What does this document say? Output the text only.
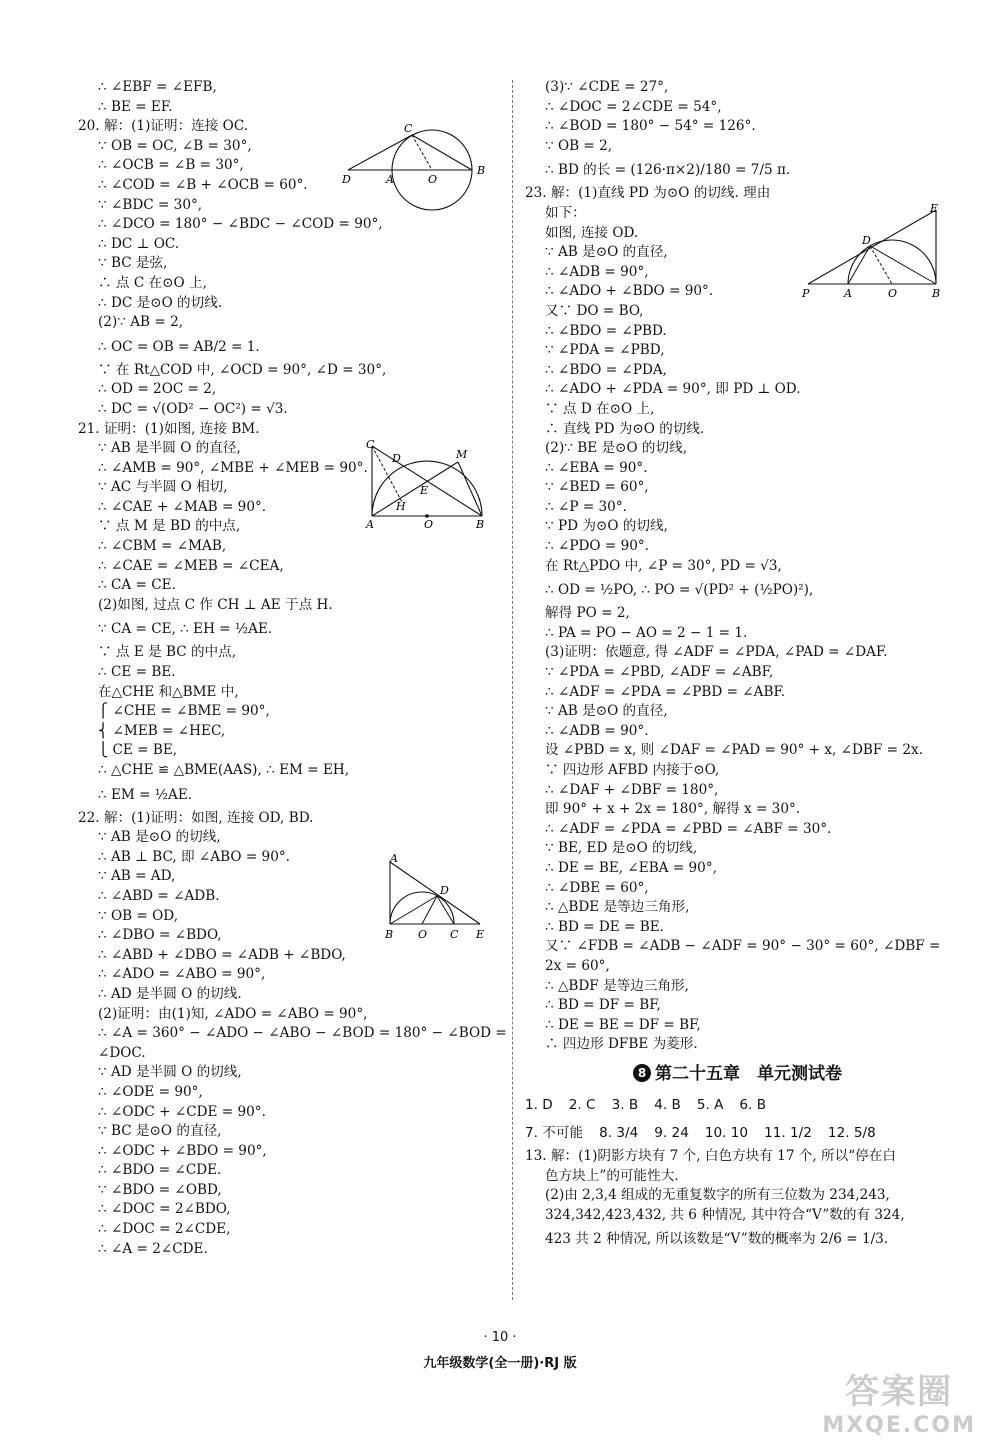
∴ ∠EBF = ∠EFB,
∴ BE = EF.
20. 解：(1)证明：连接 OC.
∵ OB = OC, ∠B = 30°,
∴ ∠OCB = ∠B = 30°,
∴ ∠COD = ∠B + ∠OCB = 60°.
∵ ∠BDC = 30°,
∴ ∠DCO = 180° − ∠BDC − ∠COD = 90°,
∴ DC ⊥ OC.
∵ BC 是弦,
∴ 点 C 在⊙O 上,
∴ DC 是⊙O 的切线.
(2)∵ AB = 2,
∴ OC = OB = AB/2 = 1.
∵ 在 Rt△COD 中, ∠OCD = 90°, ∠D = 30°,
∴ OD = 2OC = 2,
∴ DC = √(OD² − OC²) = √3.
21. 证明：(1)如图, 连接 BM.
∵ AB 是半圆 O 的直径,
∴ ∠AMB = 90°, ∠MBE + ∠MEB = 90°.
∵ AC 与半圆 O 相切,
∴ ∠CAE + ∠MAB = 90°.
∵ 点 M 是 BD 的中点,
∴ ∠CBM = ∠MAB,
∴ ∠CAE = ∠MEB = ∠CEA,
∴ CA = CE.
(2)如图, 过点 C 作 CH ⊥ AE 于点 H.
∵ CA = CE, ∴ EH = ½AE.
∵ 点 E 是 BC 的中点,
∴ CE = BE.
在△CHE 和△BME 中,
⎧ ∠CHE = ∠BME = 90°,
⎨ ∠MEB = ∠HEC,
⎩ CE = BE,
∴ △CHE ≌ △BME(AAS), ∴ EM = EH,
∴ EM = ½AE.
22. 解：(1)证明：如图, 连接 OD, BD.
∵ AB 是⊙O 的切线,
∴ AB ⊥ BC, 即 ∠ABO = 90°.
∵ AB = AD,
∴ ∠ABD = ∠ADB.
∵ OB = OD,
∴ ∠DBO = ∠BDO,
∴ ∠ABD + ∠DBO = ∠ADB + ∠BDO,
∴ ∠ADO = ∠ABO = 90°,
∴ AD 是半圆 O 的切线.
(2)证明：由(1)知, ∠ADO = ∠ABO = 90°,
∴ ∠A = 360° − ∠ADO − ∠ABO − ∠BOD = 180° − ∠BOD =
∠DOC.
∵ AD 是半圆 O 的切线,
∴ ∠ODE = 90°,
∴ ∠ODC + ∠CDE = 90°.
∵ BC 是⊙O 的直径,
∴ ∠ODC + ∠BDO = 90°,
∴ ∠BDO = ∠CDE.
∵ ∠BDO = ∠OBD,
∴ ∠DOC = 2∠BDO,
∴ ∠DOC = 2∠CDE,
∴ ∠A = 2∠CDE.
(3)∵ ∠CDE = 27°,
∴ ∠DOC = 2∠CDE = 54°,
∴ ∠BOD = 180° − 54° = 126°.
∵ OB = 2,
∴ BD 的长 = (126·π×2)/180 = 7/5 π.
23. 解：(1)直线 PD 为⊙O 的切线. 理由
如下：
如图, 连接 OD.
∵ AB 是⊙O 的直径,
∴ ∠ADB = 90°,
∴ ∠ADO + ∠BDO = 90°.
又∵ DO = BO,
∴ ∠BDO = ∠PBD.
∵ ∠PDA = ∠PBD,
∴ ∠BDO = ∠PDA,
∴ ∠ADO + ∠PDA = 90°, 即 PD ⊥ OD.
∵ 点 D 在⊙O 上,
∴ 直线 PD 为⊙O 的切线.
(2)∵ BE 是⊙O 的切线,
∴ ∠EBA = 90°.
∵ ∠BED = 60°,
∴ ∠P = 30°.
∵ PD 为⊙O 的切线,
∴ ∠PDO = 90°.
在 Rt△PDO 中, ∠P = 30°, PD = √3,
∴ OD = ½PO, ∴ PO = √(PD² + (½PO)²),
解得 PO = 2,
∴ PA = PO − AO = 2 − 1 = 1.
(3)证明：依题意, 得 ∠ADF = ∠PDA, ∠PAD = ∠DAF.
∵ ∠PDA = ∠PBD, ∠ADF = ∠ABF,
∴ ∠ADF = ∠PDA = ∠PBD = ∠ABF.
∵ AB 是⊙O 的直径,
∴ ∠ADB = 90°.
设 ∠PBD = x, 则 ∠DAF = ∠PAD = 90° + x, ∠DBF = 2x.
∵ 四边形 AFBD 内接于⊙O,
∴ ∠DAF + ∠DBF = 180°,
即 90° + x + 2x = 180°, 解得 x = 30°.
∴ ∠ADF = ∠PDA = ∠PBD = ∠ABF = 30°.
∵ BE, ED 是⊙O 的切线,
∴ DE = BE, ∠EBA = 90°,
∴ ∠DBE = 60°,
∴ △BDE 是等边三角形,
∴ BD = DE = BE.
又∵ ∠FDB = ∠ADB − ∠ADF = 90° − 30° = 60°, ∠DBF =
2x = 60°,
∴ △BDF 是等边三角形,
∴ BD = DF = BF,
∴ DE = BE = DF = BF,
∴ 四边形 DFBE 为菱形.
8 第二十五章　单元测试卷
1. D 2. C 3. B 4. B 5. A 6. B
7. 不可能 8. 3/4 9. 24 10. 10 11. 1/2 12. 5/8
13. 解：(1)阴影方块有 7 个, 白色方块有 17 个, 所以“停在白
色方块上”的可能性大.
(2)由 2,3,4 组成的无重复数字的所有三位数为 234,243,
324,342,423,432, 共 6 种情况, 其中符合“V”数的有 324,
423 共 2 种情况, 所以该数是“V”数的概率为 2/6 = 1/3.
C
D	A	O
B
C
D	M
E
H
A	O	B
A
D
B O C E
E
D
P	A	O	B
· 10 ·
九年级数学(全一册)·RJ 版
答案圈
MXQE.COM
